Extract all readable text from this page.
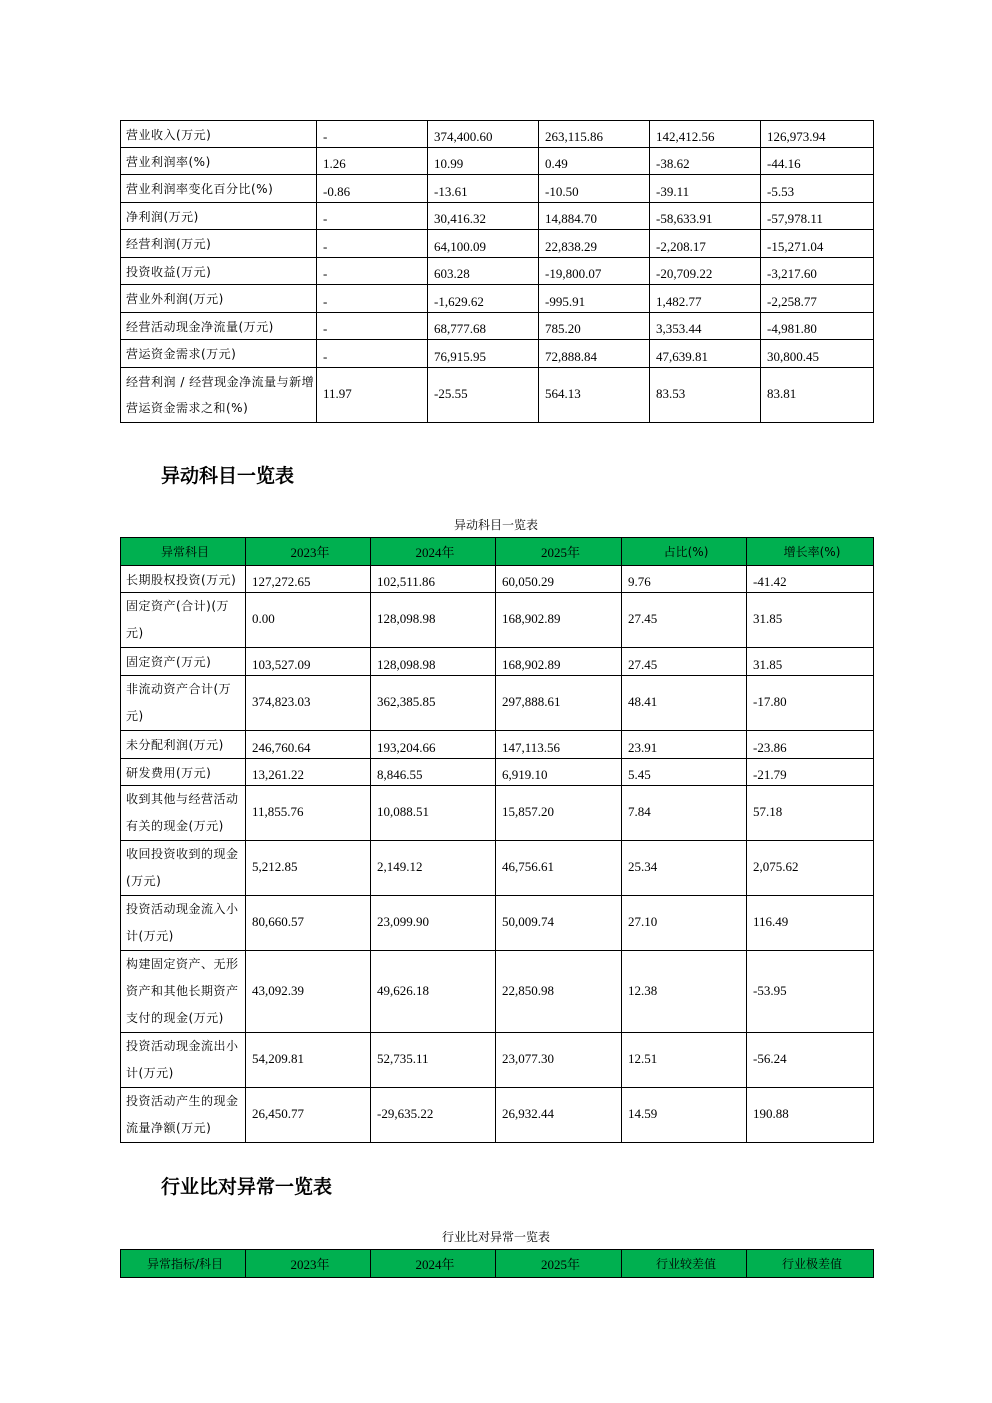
营业收入(万元)	-	374,400.60	263,115.86	142,412.56	126,973.94
营业利润率(%)	1.26	10.99	0.49	-38.62	-44.16
营业利润率变化百分比(%)	-0.86	-13.61	-10.50	-39.11	-5.53
净利润(万元)	-	30,416.32	14,884.70	-58,633.91	-57,978.11
经营利润(万元)	-	64,100.09	22,838.29	-2,208.17	-15,271.04
投资收益(万元)	-	603.28	-19,800.07	-20,709.22	-3,217.60
营业外利润(万元)	-	-1,629.62	-995.91	1,482.77	-2,258.77
经营活动现金净流量(万元)	-	68,777.68	785.20	3,353.44	-4,981.80
营运资金需求(万元)	-	76,915.95	72,888.84	47,639.81	30,800.45
经营利润 / 经营现金净流量与新增营运资金需求之和(%)	11.97	-25.55	564.13	83.53	83.81
异动科目一览表
异动科目一览表
异常科目	2023年	2024年	2025年	占比(%)	增长率(%)
长期股权投资(万元)	127,272.65	102,511.86	60,050.29	9.76	-41.42
固定资产(合计)(万元)	0.00	128,098.98	168,902.89	27.45	31.85
固定资产(万元)	103,527.09	128,098.98	168,902.89	27.45	31.85
非流动资产合计(万元)	374,823.03	362,385.85	297,888.61	48.41	-17.80
未分配利润(万元)	246,760.64	193,204.66	147,113.56	23.91	-23.86
研发费用(万元)	13,261.22	8,846.55	6,919.10	5.45	-21.79
收到其他与经营活动有关的现金(万元)	11,855.76	10,088.51	15,857.20	7.84	57.18
收回投资收到的现金(万元)	5,212.85	2,149.12	46,756.61	25.34	2,075.62
投资活动现金流入小计(万元)	80,660.57	23,099.90	50,009.74	27.10	116.49
构建固定资产、无形资产和其他长期资产支付的现金(万元)	43,092.39	49,626.18	22,850.98	12.38	-53.95
投资活动现金流出小计(万元)	54,209.81	52,735.11	23,077.30	12.51	-56.24
投资活动产生的现金流量净额(万元)	26,450.77	-29,635.22	26,932.44	14.59	190.88
行业比对异常一览表
行业比对异常一览表
异常指标/科目	2023年	2024年	2025年	行业较差值	行业极差值
